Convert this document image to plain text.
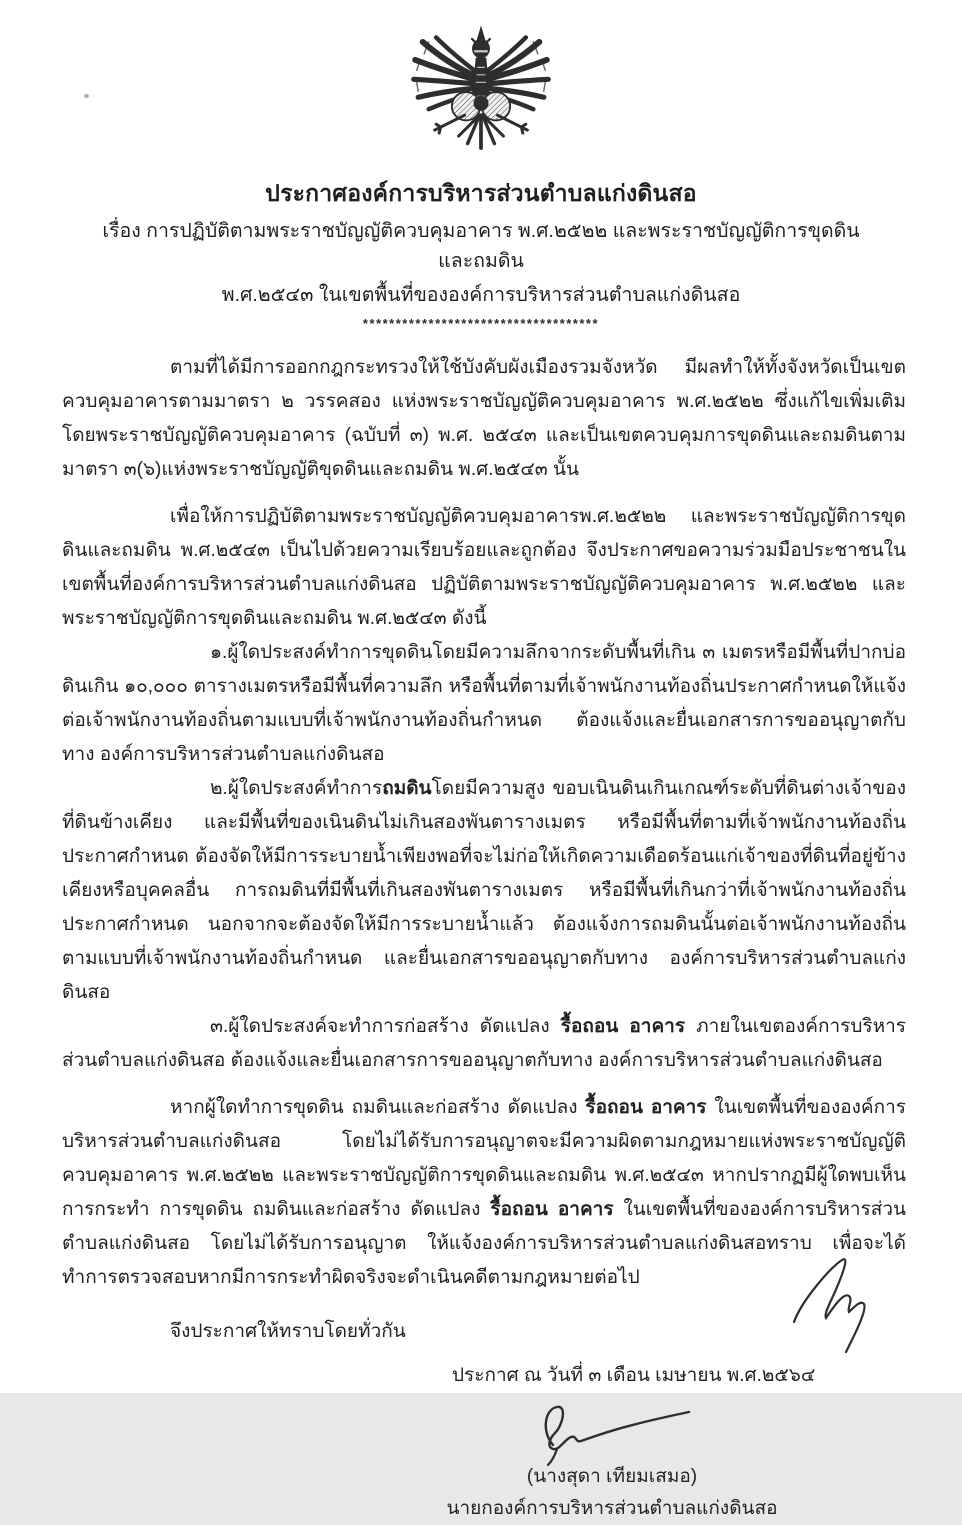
ประกาศองค์การบริหารส่วนตำบลแก่งดินสอ
เรื่อง การปฏิบัติตามพระราชบัญญัติควบคุมอาคาร พ.ศ.๒๕๒๒ และพระราชบัญญัติการขุดดินและถมดิน
พ.ศ.๒๕๔๓ ในเขตพื้นที่ขององค์การบริหารส่วนตำบลแก่งดินสอ
************************************

ตามที่ได้มีการออกกฎกระทรวงให้ใช้บังคับผังเมืองรวมจังหวัด มีผลทำให้ทั้งจังหวัดเป็นเขตควบคุมอาคารตามมาตรา ๒ วรรคสอง แห่งพระราชบัญญัติควบคุมอาคาร พ.ศ.๒๕๒๒ ซึ่งแก้ไขเพิ่มเติมโดยพระราชบัญญัติควบคุมอาคาร (ฉบับที่ ๓) พ.ศ. ๒๕๔๓ และเป็นเขตควบคุมการขุดดินและถมดินตามมาตรา ๓(๖)แห่งพระราชบัญญัติขุดดินและถมดิน พ.ศ.๒๕๔๓ นั้น

เพื่อให้การปฏิบัติตามพระราชบัญญัติควบคุมอาคารพ.ศ.๒๕๒๒ และพระราชบัญญัติการขุดดินและถมดิน พ.ศ.๒๕๔๓ เป็นไปด้วยความเรียบร้อยและถูกต้อง จึงประกาศขอความร่วมมือประชาชนในเขตพื้นที่องค์การบริหารส่วนตำบลแก่งดินสอ ปฏิบัติตามพระราชบัญญัติควบคุมอาคาร พ.ศ.๒๕๒๒ และพระราชบัญญัติการขุดดินและถมดิน พ.ศ.๒๕๔๓ ดังนี้

๑.ผู้ใดประสงค์ทำการขุดดินโดยมีความลึกจากระดับพื้นที่เกิน ๓ เมตรหรือมีพื้นที่ปากบ่อดินเกิน ๑๐,๐๐๐ ตารางเมตรหรือมีพื้นที่ความลึก หรือพื้นที่ตามที่เจ้าพนักงานท้องถิ่นประกาศกำหนดให้แจ้งต่อเจ้าพนักงานท้องถิ่นตามแบบที่เจ้าพนักงานท้องถิ่นกำหนด ต้องแจ้งและยื่นเอกสารการขออนุญาตกับทาง องค์การบริหารส่วนตำบลแก่งดินสอ

๒.ผู้ใดประสงค์ทำการถมดินโดยมีความสูง ขอบเนินดินเกินเกณฑ์ระดับที่ดินต่างเจ้าของที่ดินข้างเคียง และมีพื้นที่ของเนินดินไม่เกินสองพันตารางเมตร หรือมีพื้นที่ตามที่เจ้าพนักงานท้องถิ่น ประกาศกำหนด ต้องจัดให้มีการระบายน้ำเพียงพอที่จะไม่ก่อให้เกิดความเดือดร้อนแก่เจ้าของที่ดินที่อยู่ข้าง เคียงหรือบุคคลอื่น การถมดินที่มีพื้นที่เกินสองพันตารางเมตร หรือมีพื้นที่เกินกว่าที่เจ้าพนักงานท้องถิ่นประกาศกำหนด นอกจากจะต้องจัดให้มีการระบายน้ำแล้ว ต้องแจ้งการถมดินนั้นต่อเจ้าพนักงานท้องถิ่นตามแบบที่เจ้าพนักงานท้องถิ่นกำหนด และยื่นเอกสารขออนุญาตกับทาง องค์การบริหารส่วนตำบลแก่งดินสอ

๓.ผู้ใดประสงค์จะทำการก่อสร้าง ดัดแปลง รื้อถอน อาคาร ภายในเขตองค์การบริหารส่วนตำบลแก่งดินสอ ต้องแจ้งและยื่นเอกสารการขออนุญาตกับทาง องค์การบริหารส่วนตำบลแก่งดินสอ

หากผู้ใดทำการขุดดิน ถมดินและก่อสร้าง ดัดแปลง รื้อถอน อาคาร ในเขตพื้นที่ขององค์การบริหารส่วนตำบลแก่งดินสอ โดยไม่ได้รับการอนุญาตจะมีความผิดตามกฎหมายแห่งพระราชบัญญัติควบคุมอาคาร พ.ศ.๒๕๒๒ และพระราชบัญญัติการขุดดินและถมดิน พ.ศ.๒๕๔๓ หากปรากฏมีผู้ใดพบเห็นการกระทำ การขุดดิน ถมดินและก่อสร้าง ดัดแปลง รื้อถอน อาคาร ในเขตพื้นที่ขององค์การบริหารส่วนตำบลแก่งดินสอ โดยไม่ได้รับการอนุญาต ให้แจ้งองค์การบริหารส่วนตำบลแก่งดินสอทราบ เพื่อจะได้ทำการตรวจสอบหากมีการกระทำผิดจริงจะดำเนินคดีตามกฎหมายต่อไป

จึงประกาศให้ทราบโดยทั่วกัน

ประกาศ ณ วันที่ ๓ เดือน เมษายน พ.ศ.๒๕๖๔
(นางสุดา เทียมเสมอ)
นายกองค์การบริหารส่วนตำบลแก่งดินสอ
